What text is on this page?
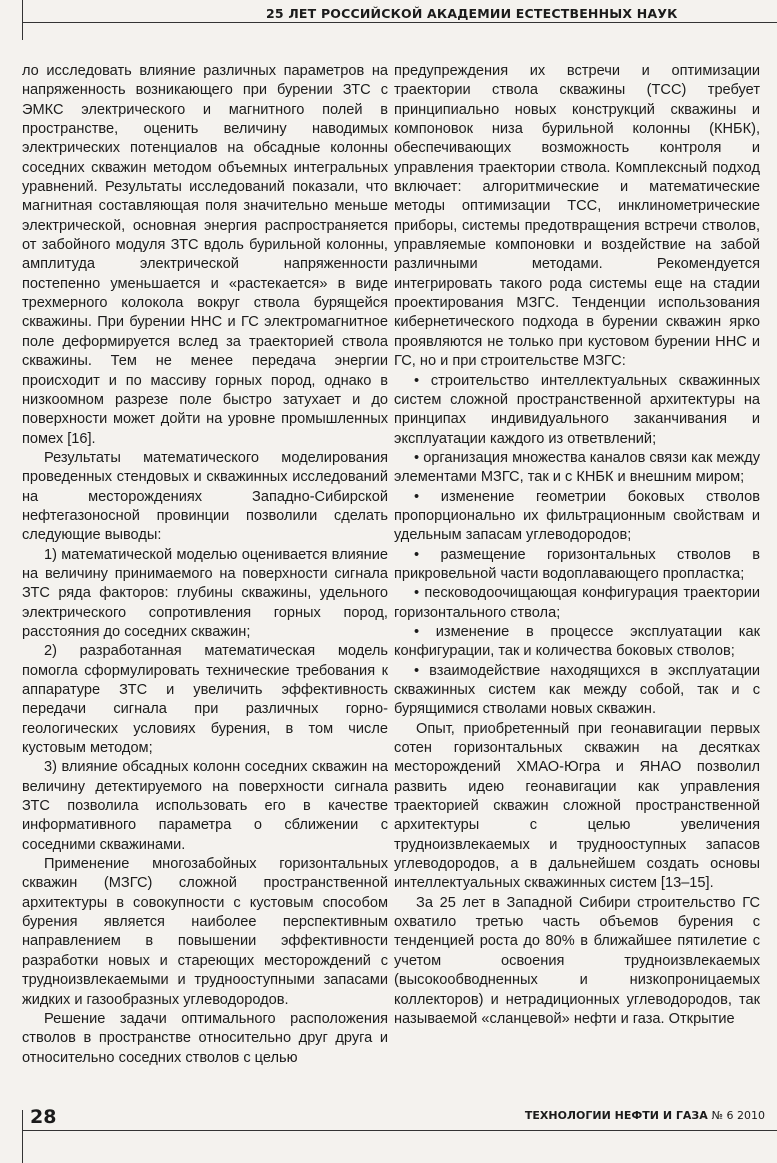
25 ЛЕТ РОССИЙСКОЙ АКАДЕМИИ ЕСТЕСТВЕННЫХ НАУК

ло исследовать влияние различных параметров на напряженность возникающего при бурении ЗТС с ЭМКС электрического и магнитного полей в пространстве, оценить величину наводимых электрических потенциалов на обсадные колонны соседних скважин методом объемных интегральных уравнений. Результаты исследований показали, что магнитная составляющая поля значительно меньше электрической, основная энергия распространяется от забойного модуля ЗТС вдоль бурильной колонны, амплитуда электрической напряженности постепенно уменьшается и «растекается» в виде трехмерного колокола вокруг ствола бурящейся скважины. При бурении ННС и ГС электромагнитное поле деформируется вслед за траекторией ствола скважины. Тем не менее передача энергии происходит и по массиву горных пород, однако в низкоомном разрезе поле быстро затухает и до поверхности может дойти на уровне промышленных помех [16].

Результаты математического моделирования проведенных стендовых и скважинных исследований на месторождениях Западно-Сибирской нефтегазоносной провинции позволили сделать следующие выводы:

1) математической моделью оценивается влияние на величину принимаемого на поверхности сигнала ЗТС ряда факторов: глубины скважины, удельного электрического сопротивления горных пород, расстояния до соседних скважин;

2) разработанная математическая модель помогла сформулировать технические требования к аппаратуре ЗТС и увеличить эффективность передачи сигнала при различных горно-геологических условиях бурения, в том числе кустовым методом;

3) влияние обсадных колонн соседних скважин на величину детектируемого на поверхности сигнала ЗТС позволила использовать его в качестве информативного параметра о сближении с соседними скважинами.

Применение многозабойных горизонтальных скважин (МЗГС) сложной пространственной архитектуры в совокупности с кустовым способом бурения является наиболее перспективным направлением в повышении эффективности разработки новых и стареющих месторождений с трудноизвлекаемыми и труднооступными запасами жидких и газообразных углеводородов.

Решение задачи оптимального расположения стволов в пространстве относительно друг друга и относительно соседних стволов с целью

предупреждения их встречи и оптимизации траектории ствола скважины (ТСС) требует принципиально новых конструкций скважины и компоновок низа бурильной колонны (КНБК), обеспечивающих возможность контроля и управления траектории ствола. Комплексный подход включает: алгоритмические и математические методы оптимизации ТСС, инклинометрические приборы, системы предотвращения встречи стволов, управляемые компоновки и воздействие на забой различными методами. Рекомендуется интегрировать такого рода системы еще на стадии проектирования МЗГС. Тенденции использования кибернетического подхода в бурении скважин ярко проявляются не только при кустовом бурении ННС и ГС, но и при строительстве МЗГС:

• строительство интеллектуальных скважинных систем сложной пространственной архитектуры на принципах индивидуального заканчивания и эксплуатации каждого из ответвлений;

• организация множества каналов связи как между элементами МЗГС, так и с КНБК и внешним миром;

• изменение геометрии боковых стволов пропорционально их фильтрационным свойствам и удельным запасам углеводородов;

• размещение горизонтальных стволов в прикровельной части водоплавающего пропластка;

• песководоочищающая конфигурация траектории горизонтального ствола;

• изменение в процессе эксплуатации как конфигурации, так и количества боковых стволов;

• взаимодействие находящихся в эксплуатации скважинных систем как между собой, так и с бурящимися стволами новых скважин.

Опыт, приобретенный при геонавигации первых сотен горизонтальных скважин на десятках месторождений ХМАО-Югра и ЯНАО позволил развить идею геонавигации как управления траекторией скважин сложной пространственной архитектуры с целью увеличения трудноизвлекаемых и труднооступных запасов углеводородов, а в дальнейшем создать основы интеллектуальных скважинных систем [13–15].

За 25 лет в Западной Сибири строительство ГС охватило третью часть объемов бурения с тенденцией роста до 80% в ближайшее пятилетие с учетом освоения трудноизвлекаемых (высокообводненных и низкопроницаемых коллекторов) и нетрадиционных углеводородов, так называемой «сланцевой» нефти и газа. Открытие

28	ТЕХНОЛОГИИ НЕФТИ И ГАЗА № 6 2010
